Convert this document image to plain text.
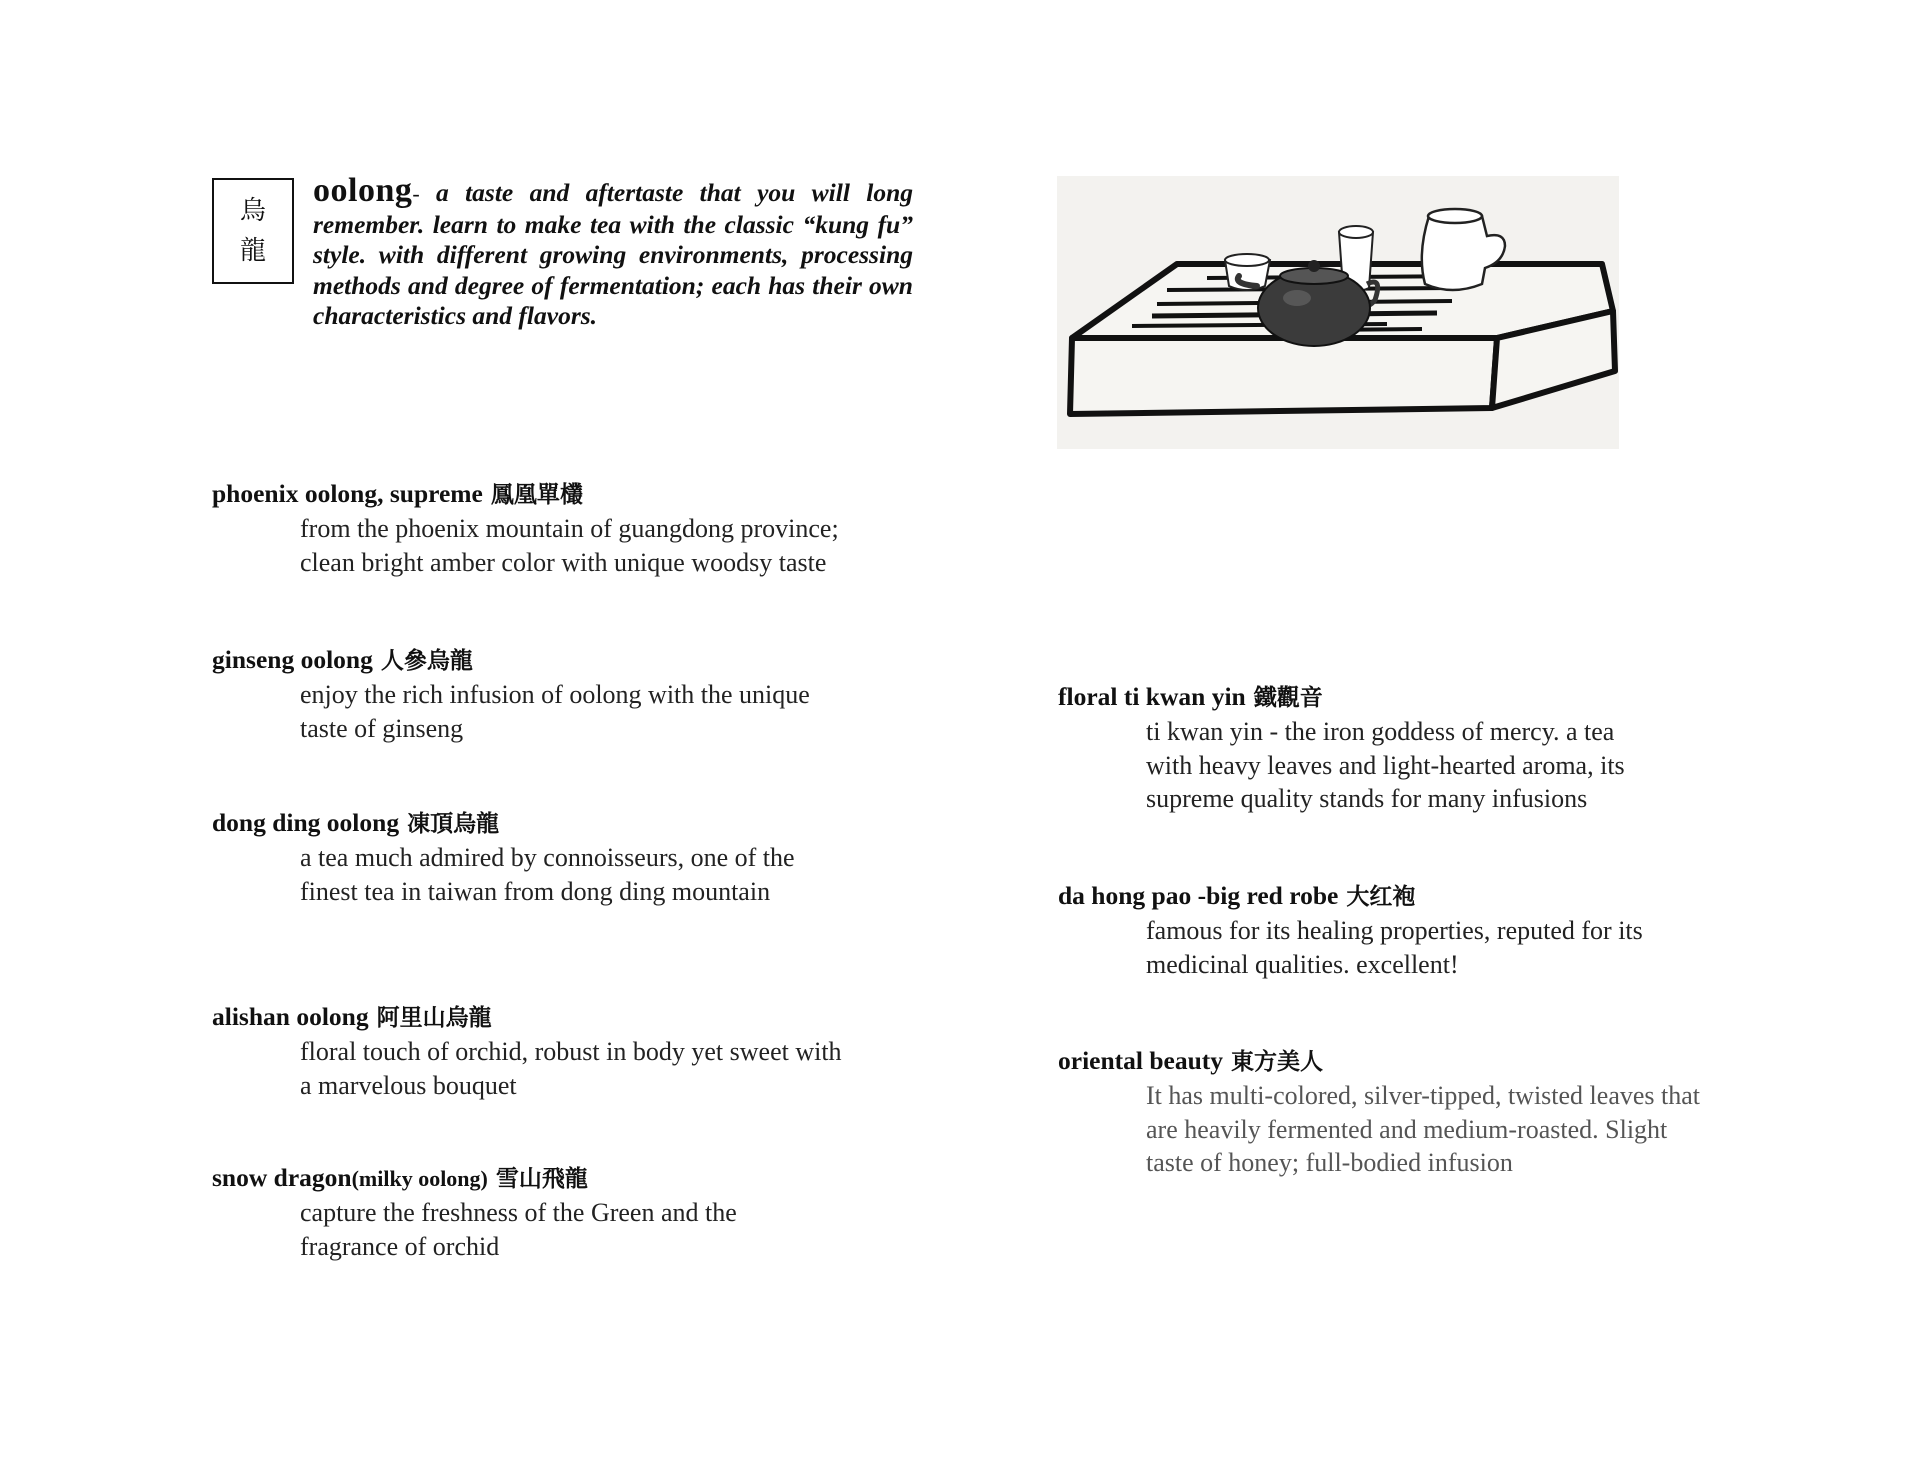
烏
龍
oolong- a taste and aftertaste that you will long remember. learn to make tea with the classic “kung fu” style. with different growing environments, processing methods and degree of fermentation; each has their own characteristics and flavors.
phoenix oolong, supreme 鳳凰單欉
from the phoenix mountain of guangdong province;
clean bright amber color with unique woodsy taste
ginseng oolong 人參烏龍
enjoy the rich infusion of oolong with the unique
taste of ginseng
dong ding oolong 凍頂烏龍
a tea much admired by connoisseurs, one of the
finest tea in taiwan from dong ding mountain
alishan oolong 阿里山烏龍
floral touch of orchid, robust in body yet sweet with
a marvelous bouquet
snow dragon(milky oolong) 雪山飛龍
capture the freshness of the Green and the
fragrance of orchid
floral ti kwan yin 鐵觀音
ti kwan yin - the iron goddess of mercy. a tea
with heavy leaves and light-hearted aroma, its
supreme quality stands for many infusions
da hong pao -big red robe 大红袍
famous for its healing properties, reputed for its
medicinal qualities. excellent!
oriental beauty 東方美人
It has multi-colored, silver-tipped, twisted leaves that
are heavily fermented and medium-roasted. Slight
taste of honey; full-bodied infusion
